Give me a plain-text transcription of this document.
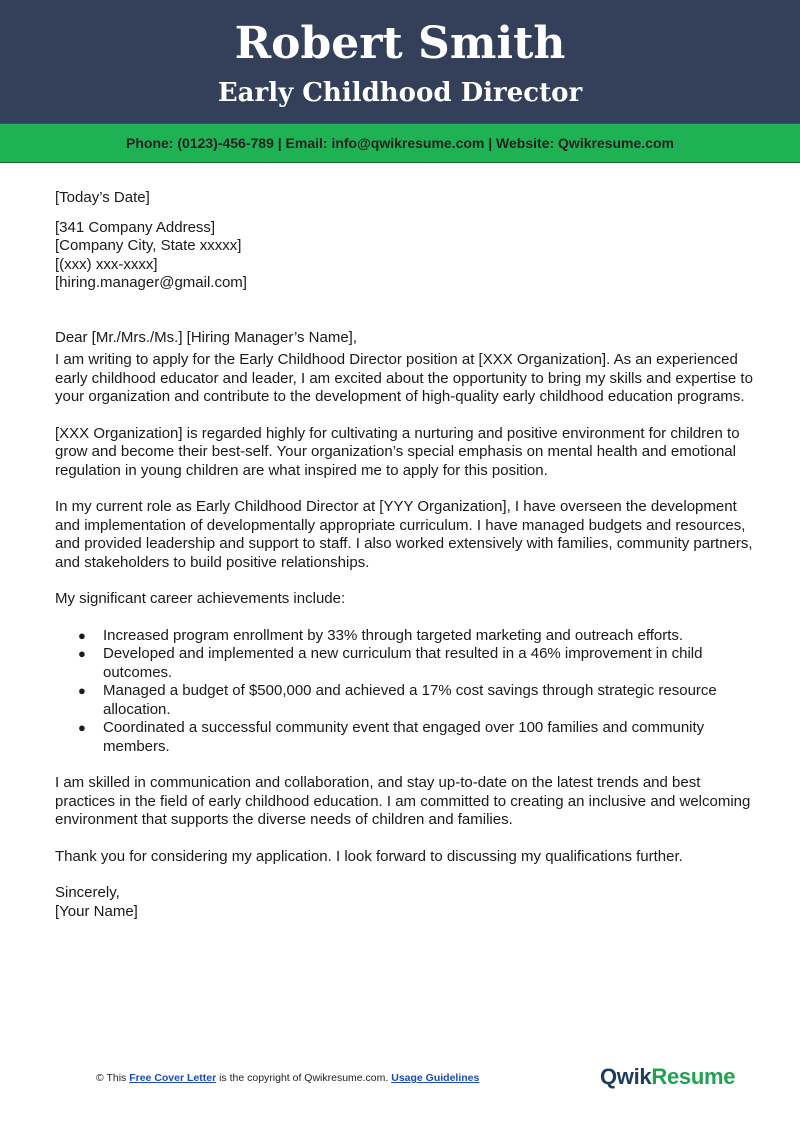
Robert Smith
Early Childhood Director
Phone: (0123)-456-789 | Email: info@qwikresume.com | Website: Qwikresume.com

[Today’s Date]

[341 Company Address]

[Company City, State xxxxx]

[(xxx) xxx-xxxx]

[hiring.manager@gmail.com]

Dear [Mr./Mrs./Ms.] [Hiring Manager’s Name],

I am writing to apply for the Early Childhood Director position at [XXX Organization]. As an experienced early childhood educator and leader, I am excited about the opportunity to bring my skills and expertise to your organization and contribute to the development of high-quality early childhood education programs.

[XXX Organization] is regarded highly for cultivating a nurturing and positive environment for children to grow and become their best-self. Your organization’s special emphasis on mental health and emotional regulation in young children are what inspired me to apply for this position.

In my current role as Early Childhood Director at [YYY Organization], I have overseen the development and implementation of developmentally appropriate curriculum. I have managed budgets and resources, and provided leadership and support to staff. I also worked extensively with families, community partners, and stakeholders to build positive relationships.

My significant career achievements include:

● Increased program enrollment by 33% through targeted marketing and outreach efforts.
● Developed and implemented a new curriculum that resulted in a 46% improvement in child outcomes.
● Managed a budget of $500,000 and achieved a 17% cost savings through strategic resource allocation.
● Coordinated a successful community event that engaged over 100 families and community members.

I am skilled in communication and collaboration, and stay up-to-date on the latest trends and best practices in the field of early childhood education. I am committed to creating an inclusive and welcoming environment that supports the diverse needs of children and families.

Thank you for considering my application. I look forward to discussing my qualifications further.

Sincerely,

[Your Name]

© This Free Cover Letter is the copyright of Qwikresume.com. Usage Guidelines	QwikResume
